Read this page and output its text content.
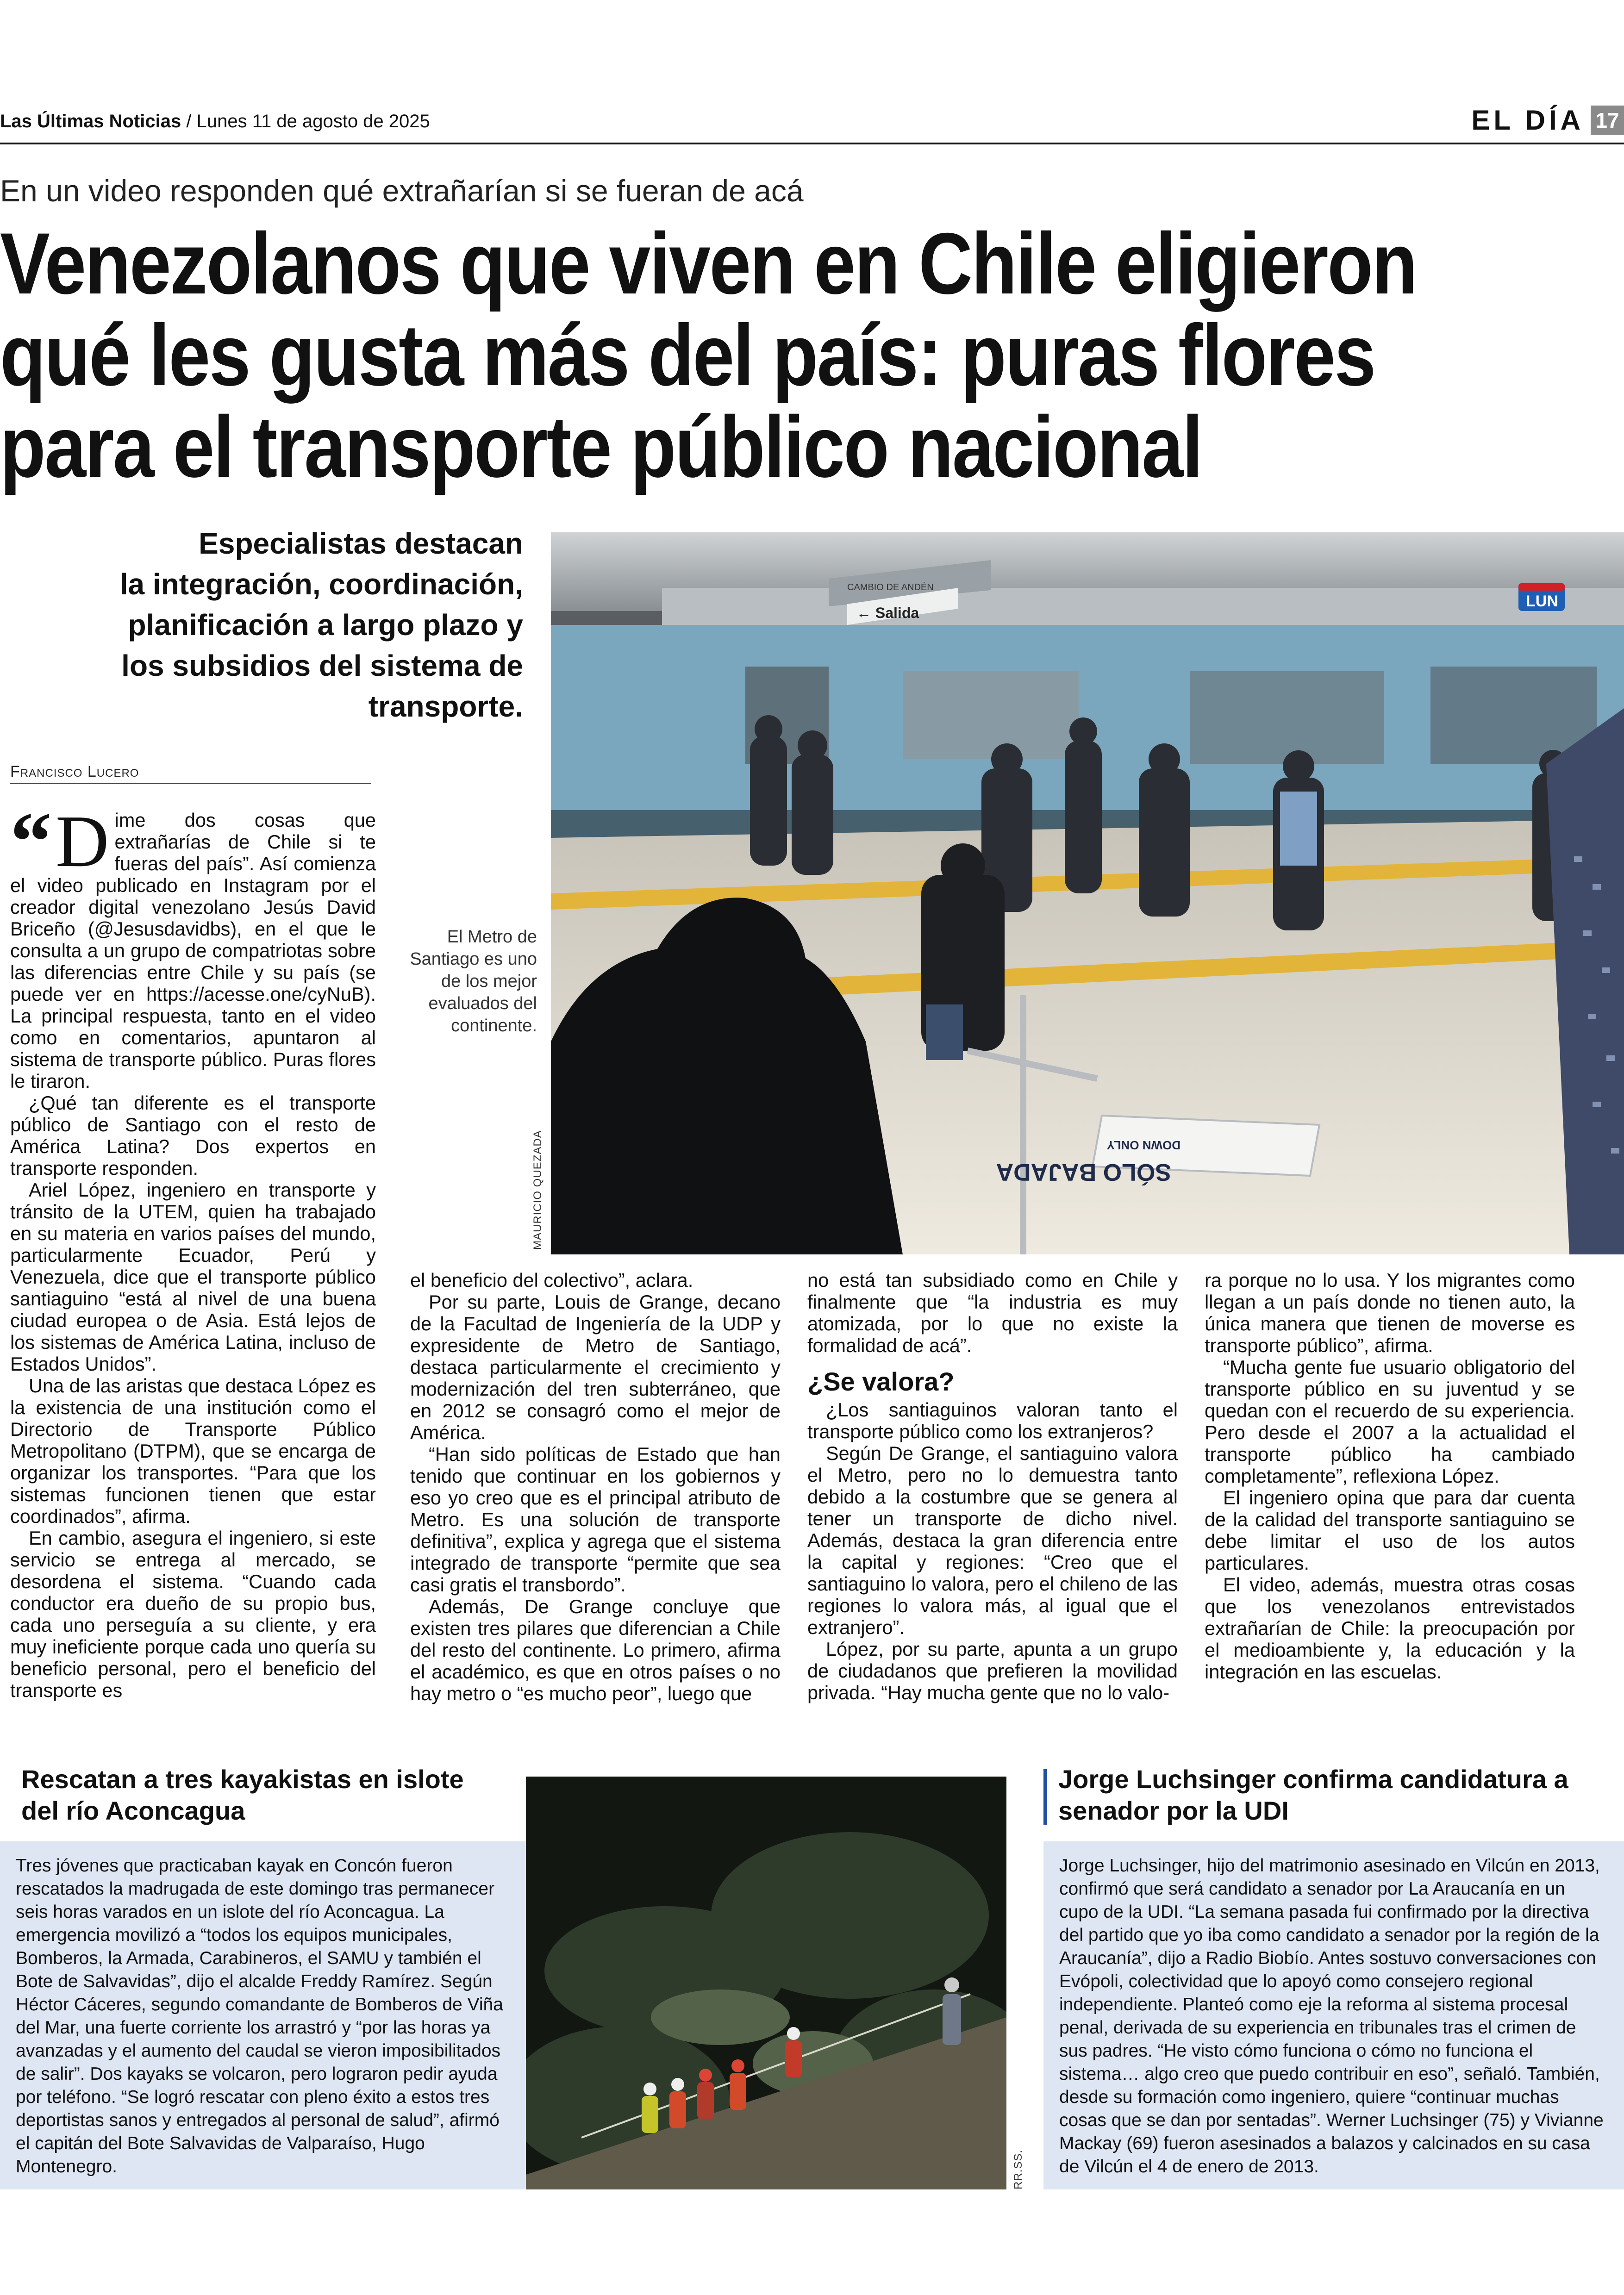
Las Últimas Noticias / Lunes 11 de agosto de 2025	EL DÍA 17
En un video responden qué extrañarían si se fueran de acá
Venezolanos que viven en Chile eligieron
qué les gusta más del país: puras flores
para el transporte público nacional
Especialistas destacan
la integración, coordinación,
planificación a largo plazo y
los subsidios del sistema de
transporte.
Francisco Lucero
“ D ime dos cosas que extrañarías de Chile si te fueras del país”. Así comienza el video publicado en Instagram por el creador digital venezolano Jesús David Briceño (@Jesusdavidbs), en el que le consulta a un grupo de compatriotas sobre las diferencias entre Chile y su país (se puede ver en https://acesse.one/cyNuB). La principal respuesta, tanto en el video como en comentarios, apuntaron al sistema de transporte público. Puras flores le tiraron.

¿Qué tan diferente es el transporte público de Santiago con el resto de América Latina? Dos expertos en transporte responden.

Ariel López, ingeniero en transporte y tránsito de la UTEM, quien ha trabajado en su materia en varios países del mundo, particularmente Ecuador, Perú y Venezuela, dice que el transporte público santiaguino “está al nivel de una buena ciudad europea o de Asia. Está lejos de los sistemas de América Latina, incluso de Estados Unidos”.

Una de las aristas que destaca López es la existencia de una institución como el Directorio de Transporte Público Metropolitano (DTPM), que se encarga de organizar los transportes. “Para que los sistemas funcionen tienen que estar coordinados”, afirma.

En cambio, asegura el ingeniero, si este servicio se entrega al mercado, se desordena el sistema. “Cuando cada conductor era dueño de su propio bus, cada uno perseguía a su cliente, y era muy ineficiente porque cada uno quería su beneficio personal, pero el beneficio del transporte es

← Salida
CAMBIO DE ANDÉN
LUN
SÓLO BAJADA
DOWN ONLY
El Metro de Santiago es uno de los mejor evaluados del continente.
MAURICIO QUEZADA

el beneficio del colectivo”, aclara.

Por su parte, Louis de Grange, decano de la Facultad de Ingeniería de la UDP y expresidente de Metro de Santiago, destaca particularmente el crecimiento y modernización del tren subterráneo, que en 2012 se consagró como el mejor de América.

“Han sido políticas de Estado que han tenido que continuar en los gobiernos y eso yo creo que es el principal atributo de Metro. Es una solución de transporte definitiva”, explica y agrega que el sistema integrado de transporte “permite que sea casi gratis el transbordo”.

Además, De Grange concluye que existen tres pilares que diferencian a Chile del resto del continente. Lo primero, afirma el académico, es que en otros países o no hay metro o “es mucho peor”, luego que

no está tan subsidiado como en Chile y finalmente que “la industria es muy atomizada, por lo que no existe la formalidad de acá”.

¿Se valora?

¿Los santiaguinos valoran tanto el transporte público como los extranjeros?

Según De Grange, el santiaguino valora el Metro, pero no lo demuestra tanto debido a la costumbre que se genera al tener un transporte de dicho nivel. Además, destaca la gran diferencia entre la capital y regiones: “Creo que el santiaguino lo valora, pero el chileno de las regiones lo valora más, al igual que el extranjero”.

López, por su parte, apunta a un grupo de ciudadanos que prefieren la movilidad privada. “Hay mucha gente que no lo valo-

ra porque no lo usa. Y los migrantes como llegan a un país donde no tienen auto, la única manera que tienen de moverse es transporte público”, afirma.

“Mucha gente fue usuario obligatorio del transporte público en su juventud y se quedan con el recuerdo de su experiencia. Pero desde el 2007 a la actualidad el transporte público ha cambiado completamente”, reflexiona López.

El ingeniero opina que para dar cuenta de la calidad del transporte santiaguino se debe limitar el uso de los autos particulares.

El video, además, muestra otras cosas que los venezolanos entrevistados extrañarían de Chile: la preocupación por el medioambiente y, la educación y la integración en las escuelas.

Rescatan a tres kayakistas en islote del río Aconcagua
Tres jóvenes que practicaban kayak en Concón fueron rescatados la madrugada de este domingo tras permanecer seis horas varados en un islote del río Aconcagua. La emergencia movilizó a “todos los equipos municipales, Bomberos, la Armada, Carabineros, el SAMU y también el Bote de Salvavidas”, dijo el alcalde Freddy Ramírez. Según Héctor Cáceres, segundo comandante de Bomberos de Viña del Mar, una fuerte corriente los arrastró y “por las horas ya avanzadas y el aumento del caudal se vieron imposibilitados de salir”. Dos kayaks se volcaron, pero lograron pedir ayuda por teléfono. “Se logró rescatar con pleno éxito a estos tres deportistas sanos y entregados al personal de salud”, afirmó el capitán del Bote Salvavidas de Valparaíso, Hugo Montenegro.	RR.SS.
Jorge Luchsinger confirma candidatura a senador por la UDI
Jorge Luchsinger, hijo del matrimonio asesinado en Vilcún en 2013, confirmó que será candidato a senador por La Araucanía en un cupo de la UDI. “La semana pasada fui confirmado por la directiva del partido que yo iba como candidato a senador por la región de la Araucanía”, dijo a Radio Biobío. Antes sostuvo conversaciones con Evópoli, colectividad que lo apoyó como consejero regional independiente. Planteó como eje la reforma al sistema procesal penal, derivada de su experiencia en tribunales tras el crimen de sus padres. “He visto cómo funciona o cómo no funciona el sistema… algo creo que puedo contribuir en eso”, señaló. También, desde su formación como ingeniero, quiere “continuar muchas cosas que se dan por sentadas”. Werner Luchsinger (75) y Vivianne Mackay (69) fueron asesinados a balazos y calcinados en su casa de Vilcún el 4 de enero de 2013.
